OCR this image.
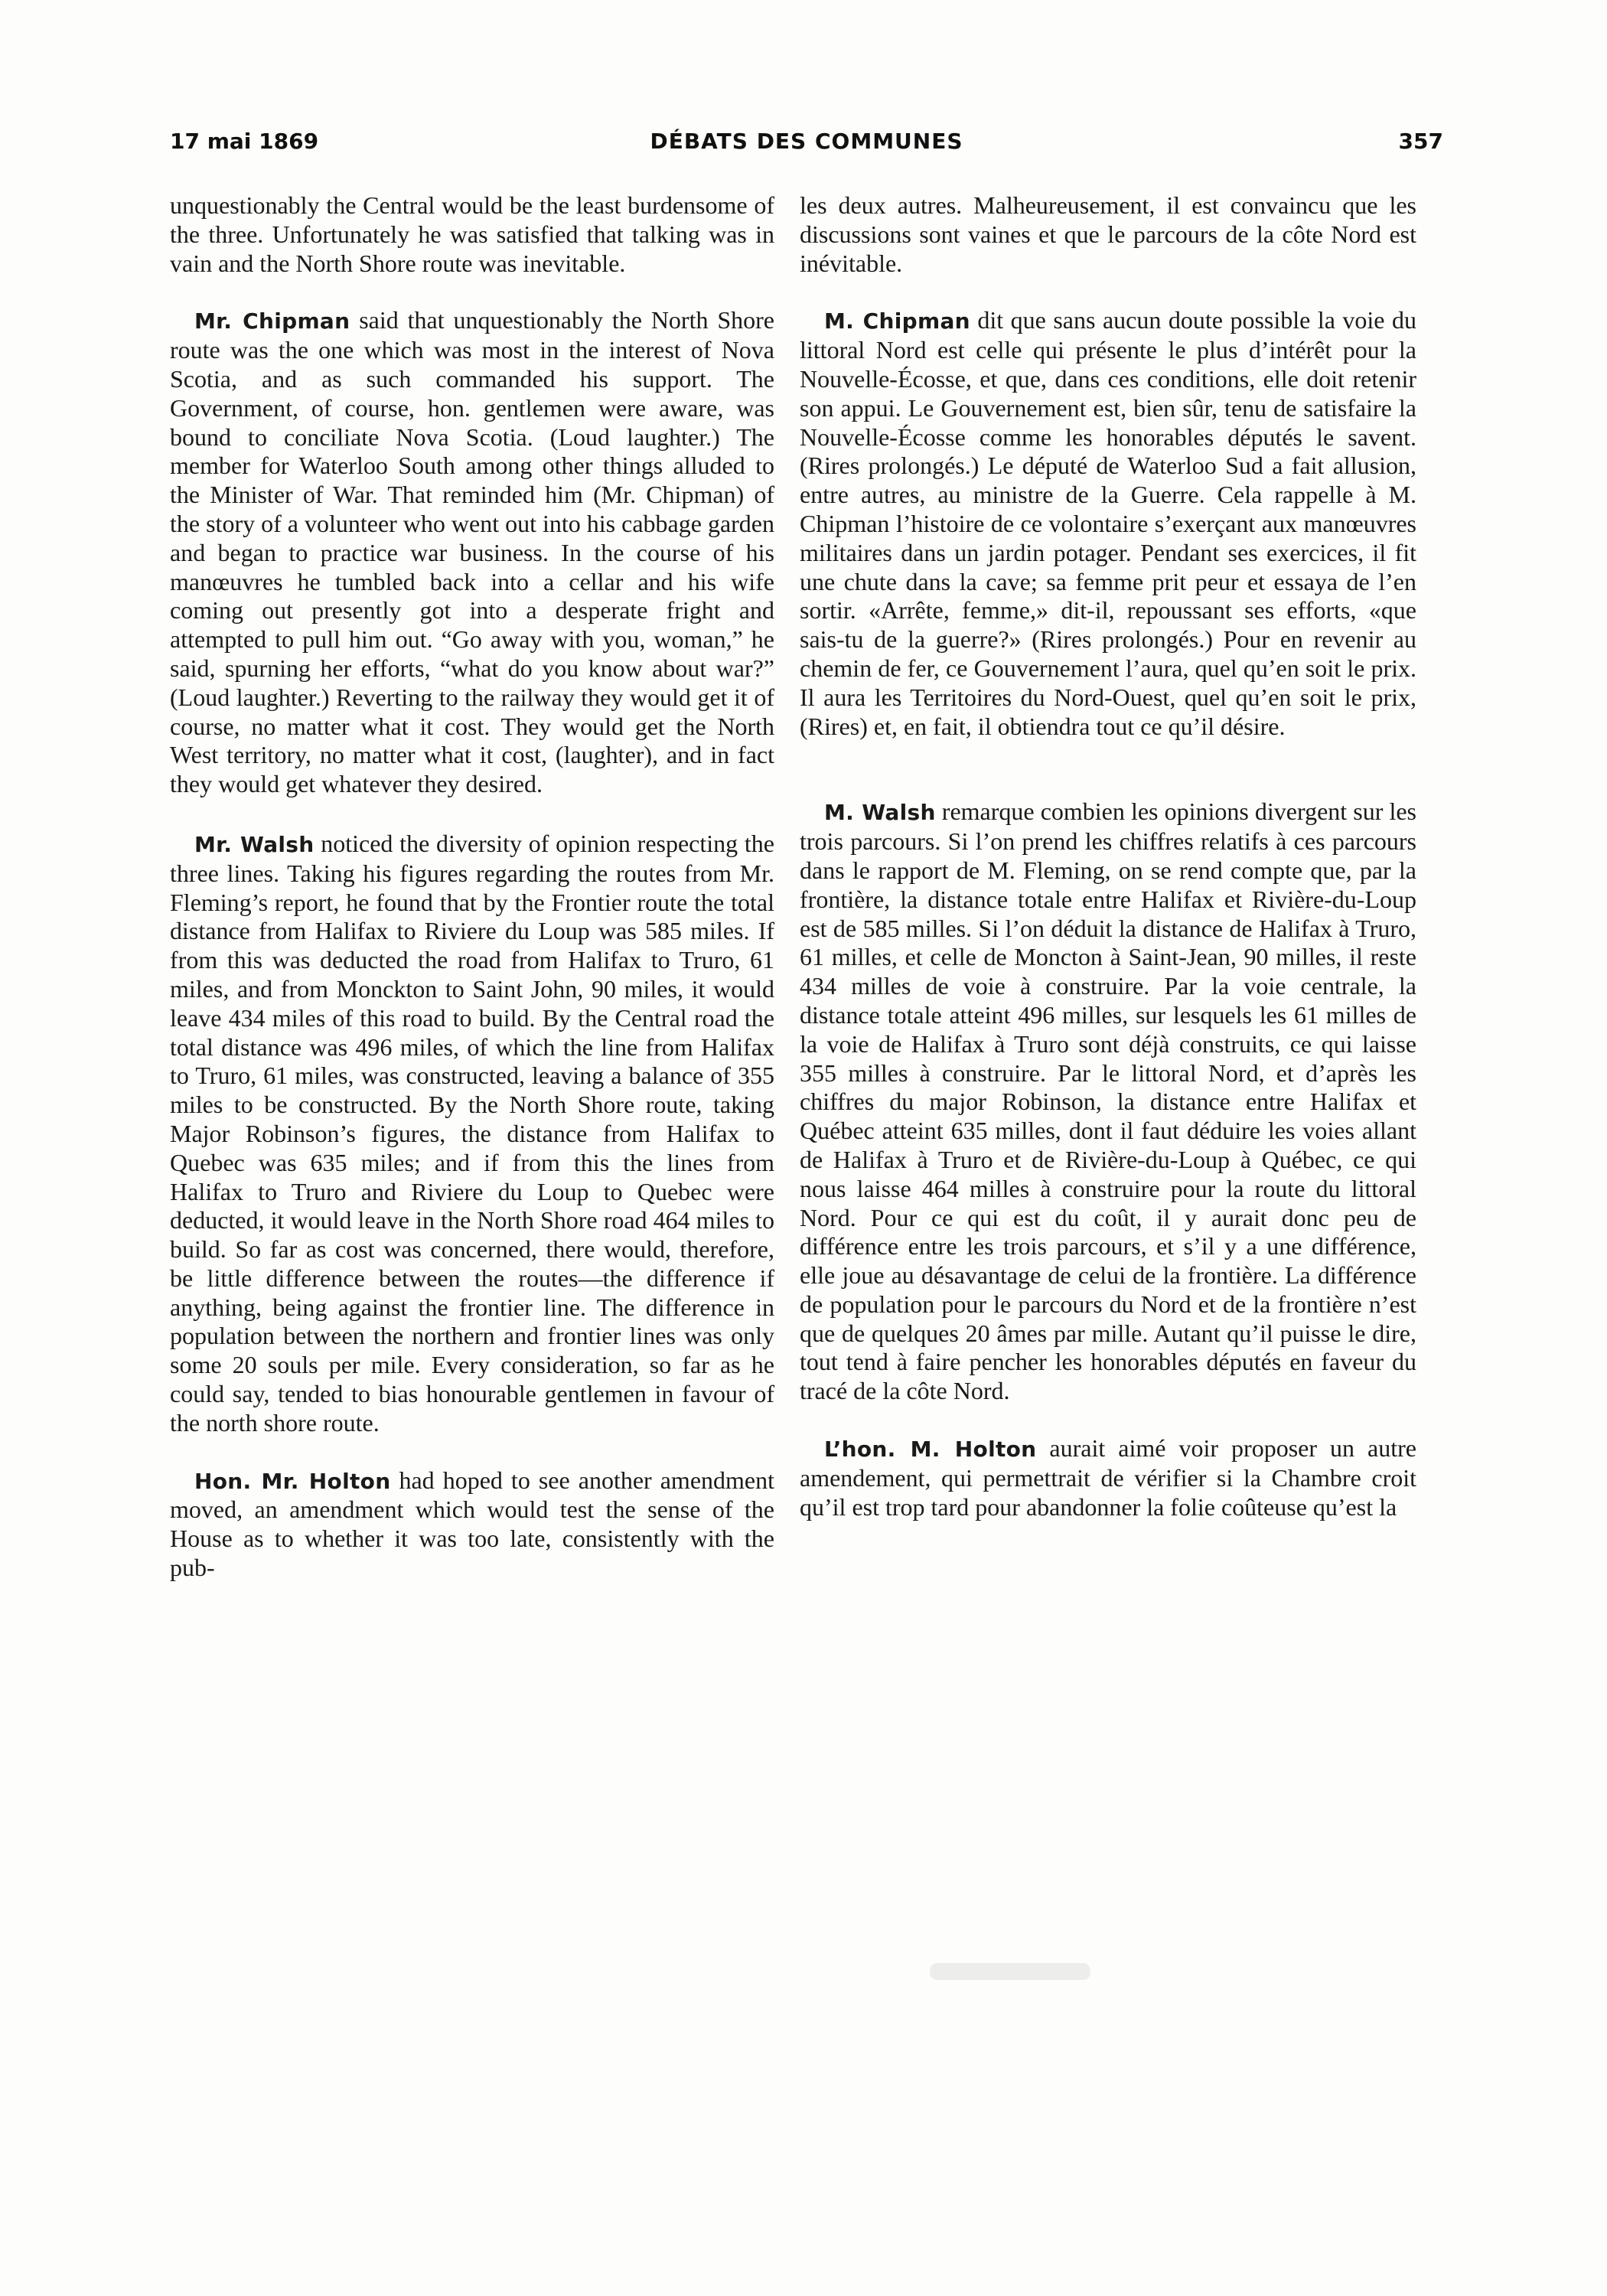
17 mai 1869	DÉBATS DES COMMUNES	357

unquestionably the Central would be the least burdensome of the three. Unfortunately he was satisfied that talking was in vain and the North Shore route was inevitable.

Mr. Chipman said that unquestionably the North Shore route was the one which was most in the interest of Nova Scotia, and as such commanded his support. The Government, of course, hon. gentlemen were aware, was bound to conciliate Nova Scotia. (Loud laughter.) The member for Waterloo South among other things alluded to the Minister of War. That reminded him (Mr. Chipman) of the story of a volunteer who went out into his cabbage garden and began to practice war business. In the course of his manœuvres he tumbled back into a cellar and his wife coming out presently got into a desperate fright and attempted to pull him out. “Go away with you, woman,” he said, spurning her efforts, “what do you know about war?” (Loud laughter.) Reverting to the railway they would get it of course, no matter what it cost. They would get the North West territory, no matter what it cost, (laughter), and in fact they would get whatever they desired.

Mr. Walsh noticed the diversity of opinion respecting the three lines. Taking his figures regarding the routes from Mr. Fleming’s report, he found that by the Frontier route the total distance from Halifax to Riviere du Loup was 585 miles. If from this was deducted the road from Halifax to Truro, 61 miles, and from Monckton to Saint John, 90 miles, it would leave 434 miles of this road to build. By the Central road the total distance was 496 miles, of which the line from Halifax to Truro, 61 miles, was constructed, leaving a balance of 355 miles to be constructed. By the North Shore route, taking Major Robinson’s figures, the distance from Halifax to Quebec was 635 miles; and if from this the lines from Halifax to Truro and Riviere du Loup to Quebec were deducted, it would leave in the North Shore road 464 miles to build. So far as cost was concerned, there would, therefore, be little difference between the routes—the difference if anything, being against the frontier line. The difference in population between the northern and frontier lines was only some 20 souls per mile. Every consideration, so far as he could say, tended to bias honourable gentlemen in favour of the north shore route.

Hon. Mr. Holton had hoped to see another amendment moved, an amendment which would test the sense of the House as to whether it was too late, consistently with the pub-

les deux autres. Malheureusement, il est convaincu que les discussions sont vaines et que le parcours de la côte Nord est inévitable.

M. Chipman dit que sans aucun doute possible la voie du littoral Nord est celle qui présente le plus d’intérêt pour la Nouvelle-Écosse, et que, dans ces conditions, elle doit retenir son appui. Le Gouvernement est, bien sûr, tenu de satisfaire la Nouvelle-Écosse comme les honorables députés le savent. (Rires prolongés.) Le député de Waterloo Sud a fait allusion, entre autres, au ministre de la Guerre. Cela rappelle à M. Chipman l’histoire de ce volontaire s’exerçant aux manœuvres militaires dans un jardin potager. Pendant ses exercices, il fit une chute dans la cave; sa femme prit peur et essaya de l’en sortir. «Arrête, femme,» dit-il, repoussant ses efforts, «que sais-tu de la guerre?» (Rires prolongés.) Pour en revenir au chemin de fer, ce Gouvernement l’aura, quel qu’en soit le prix. Il aura les Territoires du Nord-Ouest, quel qu’en soit le prix, (Rires) et, en fait, il obtiendra tout ce qu’il désire.

M. Walsh remarque combien les opinions divergent sur les trois parcours. Si l’on prend les chiffres relatifs à ces parcours dans le rapport de M. Fleming, on se rend compte que, par la frontière, la distance totale entre Halifax et Rivière-du-Loup est de 585 milles. Si l’on déduit la distance de Halifax à Truro, 61 milles, et celle de Moncton à Saint-Jean, 90 milles, il reste 434 milles de voie à construire. Par la voie centrale, la distance totale atteint 496 milles, sur lesquels les 61 milles de la voie de Halifax à Truro sont déjà construits, ce qui laisse 355 milles à construire. Par le littoral Nord, et d’après les chiffres du major Robinson, la distance entre Halifax et Québec atteint 635 milles, dont il faut déduire les voies allant de Halifax à Truro et de Rivière-du-Loup à Québec, ce qui nous laisse 464 milles à construire pour la route du littoral Nord. Pour ce qui est du coût, il y aurait donc peu de différence entre les trois parcours, et s’il y a une différence, elle joue au désavantage de celui de la frontière. La différence de population pour le parcours du Nord et de la frontière n’est que de quelques 20 âmes par mille. Autant qu’il puisse le dire, tout tend à faire pencher les honorables députés en faveur du tracé de la côte Nord.

L’hon. M. Holton aurait aimé voir proposer un autre amendement, qui permettrait de vérifier si la Chambre croit qu’il est trop tard pour abandonner la folie coûteuse qu’est la
